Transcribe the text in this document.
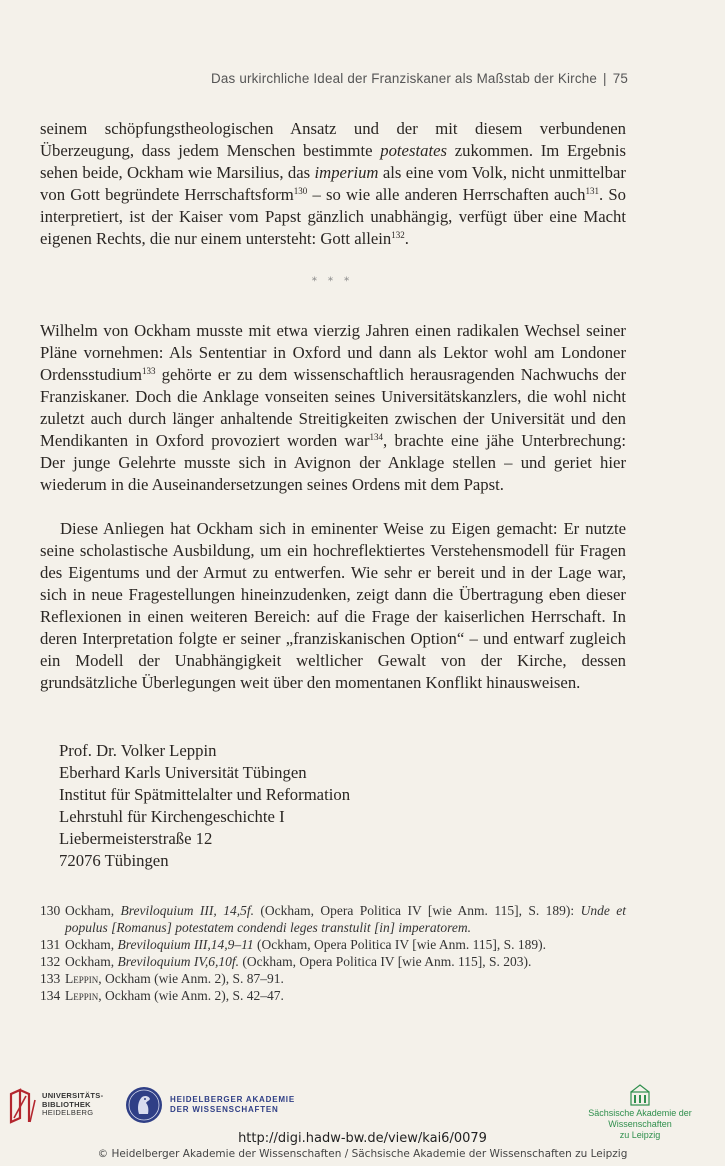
Das urkirchliche Ideal der Franziskaner als Maßstab der Kirche | 75

seinem schöpfungstheologischen Ansatz und der mit diesem verbundenen Überzeugung, dass jedem Menschen bestimmte potestates zukommen. Im Ergebnis sehen beide, Ockham wie Marsilius, das imperium als eine vom Volk, nicht unmittelbar von Gott begründete Herrschaftsform$^{130}$ – so wie alle anderen Herrschaften auch$^{131}$. So interpretiert, ist der Kaiser vom Papst gänzlich unabhängig, verfügt über eine Macht eigenen Rechts, die nur einem untersteht: Gott allein$^{132}$.

* * *

Wilhelm von Ockham musste mit etwa vierzig Jahren einen radikalen Wechsel seiner Pläne vornehmen: Als Sententiar in Oxford und dann als Lektor wohl am Londoner Ordensstudium$^{133}$ gehörte er zu dem wissenschaftlich herausragenden Nachwuchs der Franziskaner. Doch die Anklage vonseiten seines Universitätskanzlers, die wohl nicht zuletzt auch durch länger anhaltende Streitigkeiten zwischen der Universität und den Mendikanten in Oxford provoziert worden war$^{134}$, brachte eine jähe Unterbrechung: Der junge Gelehrte musste sich in Avignon der Anklage stellen – und geriet hier wiederum in die Auseinandersetzungen seines Ordens mit dem Papst.

Diese Anliegen hat Ockham sich in eminenter Weise zu Eigen gemacht: Er nutzte seine scholastische Ausbildung, um ein hochreflektiertes Verstehensmodell für Fragen des Eigentums und der Armut zu entwerfen. Wie sehr er bereit und in der Lage war, sich in neue Fragestellungen hineinzudenken, zeigt dann die Übertragung eben dieser Reflexionen in einen weiteren Bereich: auf die Frage der kaiserlichen Herrschaft. In deren Interpretation folgte er seiner „franziskanischen Option“ – und entwarf zugleich ein Modell der Unabhängigkeit weltlicher Gewalt von der Kirche, dessen grundsätzliche Überlegungen weit über den momentanen Konflikt hinausweisen.

Prof. Dr. Volker Leppin
Eberhard Karls Universität Tübingen
Institut für Spätmittelalter und Reformation
Lehrstuhl für Kirchengeschichte I
Liebermeisterstraße 12
72076 Tübingen
130 Ockham, Breviloquium III, 14,5f. (Ockham, Opera Politica IV [wie Anm. 115], S. 189): Unde et populus [Romanus] potestatem condendi leges transtulit [in] imperatorem.
131 Ockham, Breviloquium III,14,9–11 (Ockham, Opera Politica IV [wie Anm. 115], S. 189).
132 Ockham, Breviloquium IV,6,10f. (Ockham, Opera Politica IV [wie Anm. 115], S. 203).
133 Leppin, Ockham (wie Anm. 2), S. 87–91.
134 Leppin, Ockham (wie Anm. 2), S. 42–47.
UNIVERSITÄTS-
BIBLIOTHEK
HEIDELBERG
HEIDELBERGER AKADEMIE
DER WISSENSCHAFTEN	Sächsische Akademie der Wissenschaften
zu Leipzig
http://digi.hadw-bw.de/view/kai6/0079
© Heidelberger Akademie der Wissenschaften / Sächsische Akademie der Wissenschaften zu Leipzig
